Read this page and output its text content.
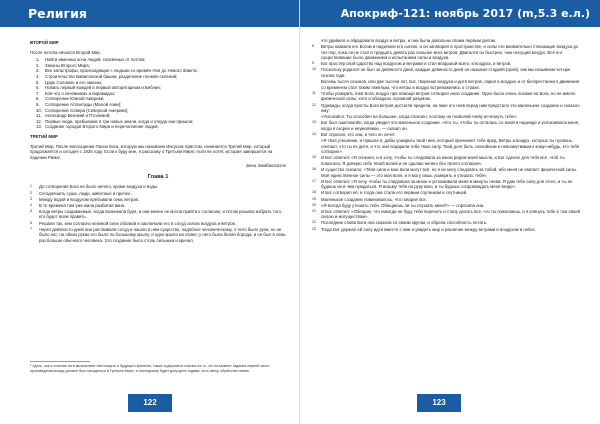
Религия
ВТОРОЙ МИР
После потопа начался Второй Мир.
1.	Найти именных кочи людей, спасённых от потопа;
2.	Законы Второго Мира;
3.	Все катастрофы, происходящие с людьми со времён Ноя до Нового Завета;
4.	Строительство Вавилонской башни, разделение племён селений;
5.	Царь Соломон и его законы;
6.	Новать первый вождей в первый авторитарном и Библии;
7.	Коя-что о кочевниках и пирамидах;
8.	Сотворение Южной Америки;
9.	Сотворение Атлантиды (Малой Азии);
10. Сотворение Севера (Северной Америки);
11. Александр Великий и Птолемей;
12. Первые люди, пребывшие в три новых земли, когда и откуда они пришли;
13. Создание городов Второго Мира и переполнение людей.
ТРЕТИЙ МИР
Третий Мир. После воплощения Писни Бога, которую мы называем Иисусом Христом, начинается Третий Мир, который продолжается и сегодня с 1926 году. Если к буду мне, я расскажу о Третьем Мире; если не хотят, история завершится на падении Рима¹.
Бени Эммбиклисто
Глава 1
1	До сотворения Бога не было ничего, кроме воздуха и воды.
2	Сегодняшеть суша, люди, животные и прочее.
3	Между водой и воздухом пребывали семь ветров.
4	В те времена там уже жила разбитая вина.
5	Когда ветры создаваемые, когда возникала буря, и они менее не могли прийти к согласию, и потом решали избрать того, кто будет всем править.
6	Решали так, кем согласно великой силе облаков и заключали его в сосуд силою воздуха и ветров.
7	Через девяносто дней они растаивали сосуд и нашли в нём существо, подобное человеческому. У него было рука, но не было ног; на обеих руках его было по большому крылу, и одно крыло на спине; у него была белая борода, и он был в семь раз больше обычного человека. Это создание было столь сильным и кричал,
¹ Здесь, как и отличие на в мышлениях настоящего и будущего времени, также содержится ссылка на то, что на момент издания первой части произведения вождь должен был находиться в Третьем Мире, а последнему будет допущено годами, есть автор обработки неким.
122
Апокриф-121: ноябрь 2017 (m,5.3 е.л.)
что удивило и обрадовало воздух и ветры, и они были довольны своим первым делом.
8	Ветры назвали его Богом и наделили его силою, и он заговорил в пространстве, и силы его внимательно стекающие воздуха до тех пор, пока он не стал в тридцать девять раз сильнее всех ветров. Двигался он быстрее, чем несущий воздух. Всё его существование было движением и испытанием силы и воздуха.
9	Бог простёр свой Царство над воздухом и ветрами и стал владыкой всего: и воздуха, и ветров.
10	Поскольку родился он был за девяносто дней, каждые девяносто дней он называл стадией (эрой), как мы называем четыре сезона года.
Восемь тысяч сезонов, или две тысячи лет, Бог, творение воздуха и дитя ветров, парил в воздухе и от беспрестанного движения со временем стал таким тяжёлым, что ветры и воздух встревожились о страхе.
11	Чтобы усмирить гнев Бога, воздух при помощи ветров сотворил иное создание. Одно было очень похоже на Бога, но не имело физической силы, хотя и обладало огромной разумом.
12	Однажды, когда просты Бога ветров достигла предела, на пике его гнев перед ним предстало это маленькое создание и сказало ему:
«Успокойся. Ты способен на большее, когда спокоен; поэтому не позволяй гневу исчезнуть тебе».
13	Бог был ошеломлён, когда увидел это маленькое создание. «Кто ты, чтобы ты осталась со мной в надежде и успокаивала меня, когда я скорее и неумолима», — сказал он.
14	Бог спросил, кто она, и чего он хочет.
«Я твоя утешение, и пришла я, дабы усмирить твой гнев, который причиняет тебе вред. Ветры и воздух, которых ты пугаешь, считают, что ты их дитя, и что они подарили тебе твою силу. Твой долг быть спокойным и невозмутимым к кому-нибудь, кто тебя сотворил».
15	И Бог ответил: «Я спокоен, и я хочу, чтобы ты следовала за мною рядом моей мысли, и Бог сделал для тебя всё, чтоб ты помогала. Я доверю себе твоей волей и не сделаю ничего без твоего согласия».
16	И существо сказало: «Твоя сила и мои воли могут всё, но я не могу следовать за тобой, ибо меня не хватает физической силы. Моё единственное силы — это моя воля, и я могу лишь усмирить и утешать тебя».
17	И Бог ответил: «Я хочу, чтобы ты следовала за мною и успокаивала меня в минуты гнева. Я дам тебе силу для этого, и ты не будешь ни в чём нуждаться. Я возьму тебя на руку мою, и ты будешь сопровождать меня везде».
18	И Бог сотворил её, и тогда она стала его первым спутником и спутницей.
19	Маленькое создание повиновалось, что говорил Бог.
20	«Я всегда буду утешать тебя. Обещаешь ли ты слушать меня?» — спросила она.
21	И Бог ответил: «Обещаю, что никогда не буду тебя перечить и стану делать всё, что ты пожелаешь, и я клянусь тебе в том своей силою и могуществом».
22	Последние слова Бога она сказала со своим кругом, и обрела способность летать.
23	Тогда Бог держал ей силу идти вместе с ним и увидеть мир и различие между ветрами и воздухом и небес.
123
